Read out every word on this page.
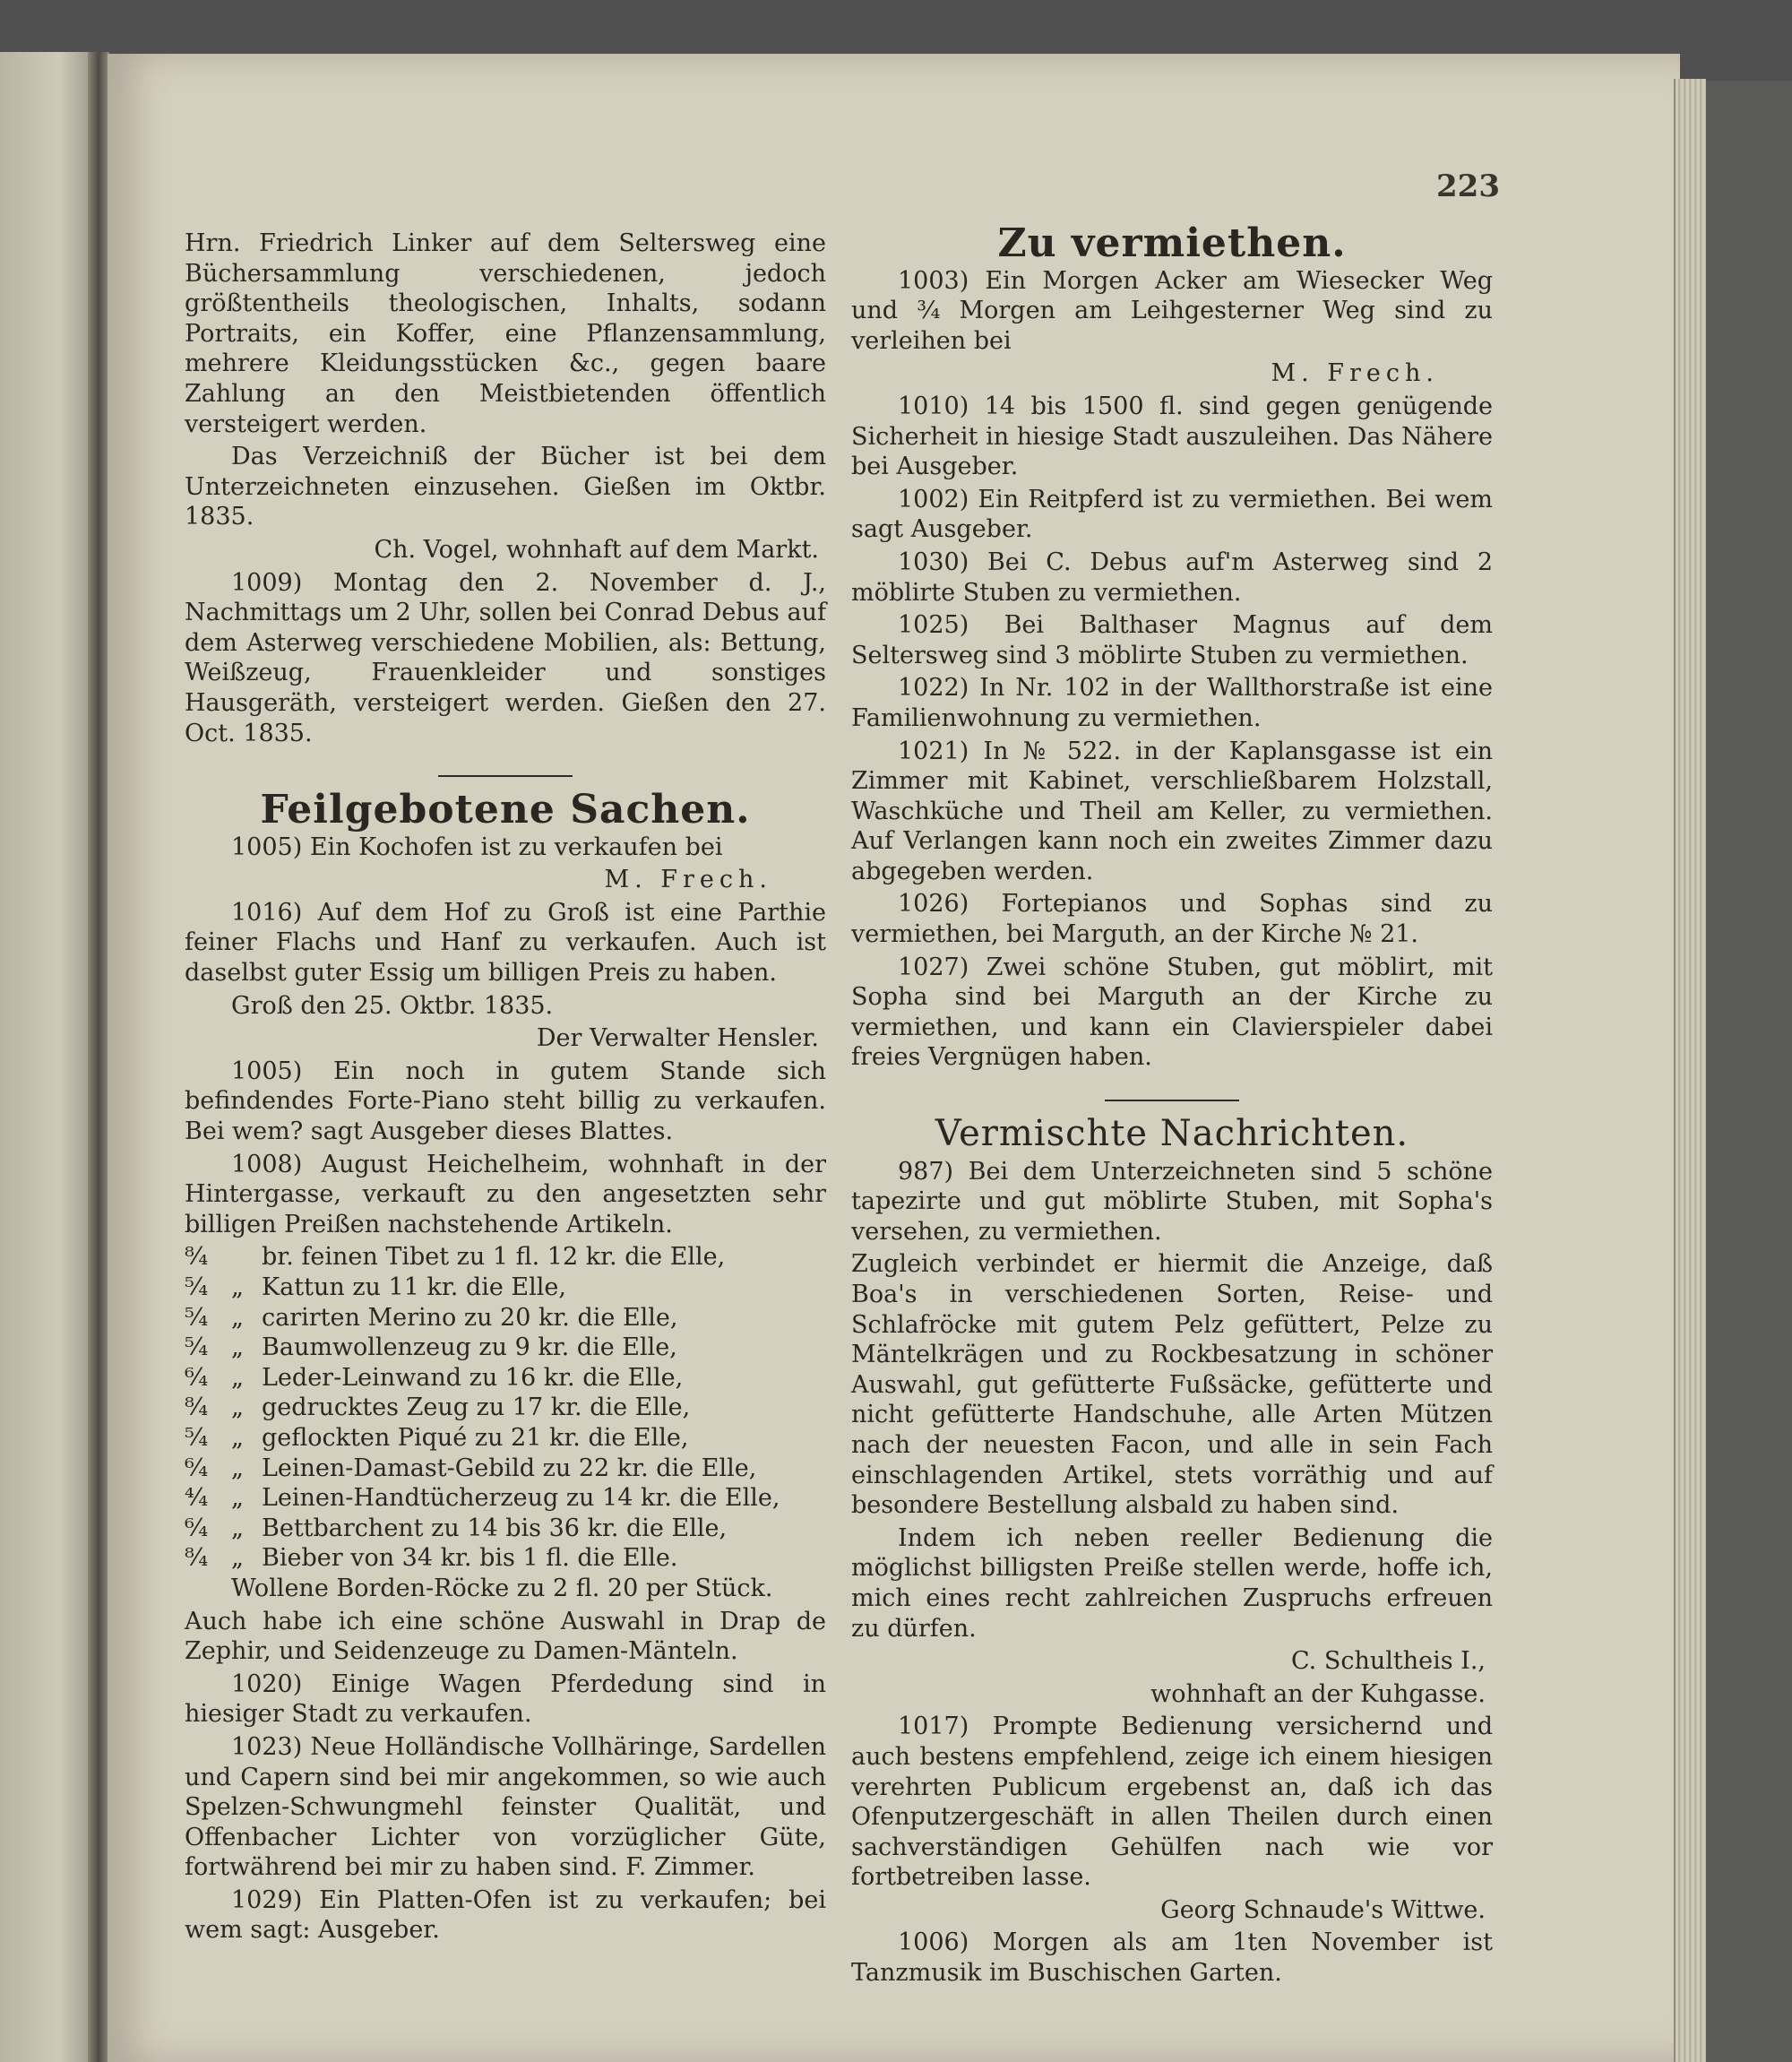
223

Hrn. Friedrich Linker auf dem Seltersweg eine Büchersammlung verschiedenen, jedoch größtentheils theologischen, Inhalts, sodann Portraits, ein Koffer, eine Pflanzensammlung, mehrere Kleidungsstücken &c., gegen baare Zahlung an den Meistbietenden öffentlich versteigert werden.

Das Verzeichniß der Bücher ist bei dem Unterzeichneten einzusehen. Gießen im Oktbr. 1835.

Ch. Vogel, wohnhaft auf dem Markt.

1009) Montag den 2. November d. J., Nachmittags um 2 Uhr, sollen bei Conrad Debus auf dem Asterweg verschiedene Mobilien, als: Bettung, Weißzeug, Frauenkleider und sonstiges Hausgeräth, versteigert werden. Gießen den 27. Oct. 1835.

Feilgebotene Sachen.

1005) Ein Kochofen ist zu verkaufen bei

M. Frech.

1016) Auf dem Hof zu Groß ist eine Parthie feiner Flachs und Hanf zu verkaufen. Auch ist daselbst guter Essig um billigen Preis zu haben.

Groß den 25. Oktbr. 1835.

Der Verwalter Hensler.

1005) Ein noch in gutem Stande sich befindendes Forte-Piano steht billig zu verkaufen. Bei wem? sagt Ausgeber dieses Blattes.

1008) August Heichelheim, wohnhaft in der Hintergasse, verkauft zu den angesetzten sehr billigen Preißen nachstehende Artikeln.

⁸⁄₄	br. feinen Tibet zu 1 fl. 12 kr. die Elle,
⁵⁄₄ „ Kattun zu 11 kr. die Elle,
⁵⁄₄ „ carirten Merino zu 20 kr. die Elle,
⁵⁄₄ „ Baumwollenzeug zu 9 kr. die Elle,
⁶⁄₄ „ Leder-Leinwand zu 16 kr. die Elle,
⁸⁄₄ „ gedrucktes Zeug zu 17 kr. die Elle,
⁵⁄₄ „ geflockten Piqué zu 21 kr. die Elle,
⁶⁄₄ „ Leinen-Damast-Gebild zu 22 kr. die Elle,
⁴⁄₄ „ Leinen-Handtücherzeug zu 14 kr. die Elle,
⁶⁄₄ „ Bettbarchent zu 14 bis 36 kr. die Elle,
⁸⁄₄ „ Bieber von 34 kr. bis 1 fl. die Elle.

Wollene Borden-Röcke zu 2 fl. 20 per Stück.

Auch habe ich eine schöne Auswahl in Drap de Zephir, und Seidenzeuge zu Damen-Mänteln.

1020) Einige Wagen Pferdedung sind in hiesiger Stadt zu verkaufen.

1023) Neue Holländische Vollhäringe, Sardellen und Capern sind bei mir angekommen, so wie auch Spelzen-Schwungmehl feinster Qualität, und Offenbacher Lichter von vorzüglicher Güte, fortwährend bei mir zu haben sind. F. Zimmer.

1029) Ein Platten-Ofen ist zu verkaufen; bei wem sagt: Ausgeber.

Zu vermiethen.

1003) Ein Morgen Acker am Wiesecker Weg und ¾ Morgen am Leihgesterner Weg sind zu verleihen bei

M. Frech.

1010) 14 bis 1500 fl. sind gegen genügende Sicherheit in hiesige Stadt auszuleihen. Das Nähere bei Ausgeber.

1002) Ein Reitpferd ist zu vermiethen. Bei wem sagt Ausgeber.

1030) Bei C. Debus auf'm Asterweg sind 2 möblirte Stuben zu vermiethen.

1025) Bei Balthaser Magnus auf dem Seltersweg sind 3 möblirte Stuben zu vermiethen.

1022) In Nr. 102 in der Wallthorstraße ist eine Familienwohnung zu vermiethen.

1021) In № 522. in der Kaplansgasse ist ein Zimmer mit Kabinet, verschließbarem Holzstall, Waschküche und Theil am Keller, zu vermiethen. Auf Verlangen kann noch ein zweites Zimmer dazu abgegeben werden.

1026) Fortepianos und Sophas sind zu vermiethen, bei Marguth, an der Kirche № 21.

1027) Zwei schöne Stuben, gut möblirt, mit Sopha sind bei Marguth an der Kirche zu vermiethen, und kann ein Clavierspieler dabei freies Vergnügen haben.

Vermischte Nachrichten.

987) Bei dem Unterzeichneten sind 5 schöne tapezirte und gut möblirte Stuben, mit Sopha's versehen, zu vermiethen.

Zugleich verbindet er hiermit die Anzeige, daß Boa's in verschiedenen Sorten, Reise- und Schlafröcke mit gutem Pelz gefüttert, Pelze zu Mäntelkrägen und zu Rockbesatzung in schöner Auswahl, gut gefütterte Fußsäcke, gefütterte und nicht gefütterte Handschuhe, alle Arten Mützen nach der neuesten Facon, und alle in sein Fach einschlagenden Artikel, stets vorräthig und auf besondere Bestellung alsbald zu haben sind.

Indem ich neben reeller Bedienung die möglichst billigsten Preiße stellen werde, hoffe ich, mich eines recht zahlreichen Zuspruchs erfreuen zu dürfen.

C. Schultheis I.,

wohnhaft an der Kuhgasse.

1017) Prompte Bedienung versichernd und auch bestens empfehlend, zeige ich einem hiesigen verehrten Publicum ergebenst an, daß ich das Ofenputzergeschäft in allen Theilen durch einen sachverständigen Gehülfen nach wie vor fortbetreiben lasse.

Georg Schnaude's Wittwe.

1006) Morgen als am 1ten November ist Tanzmusik im Buschischen Garten.
